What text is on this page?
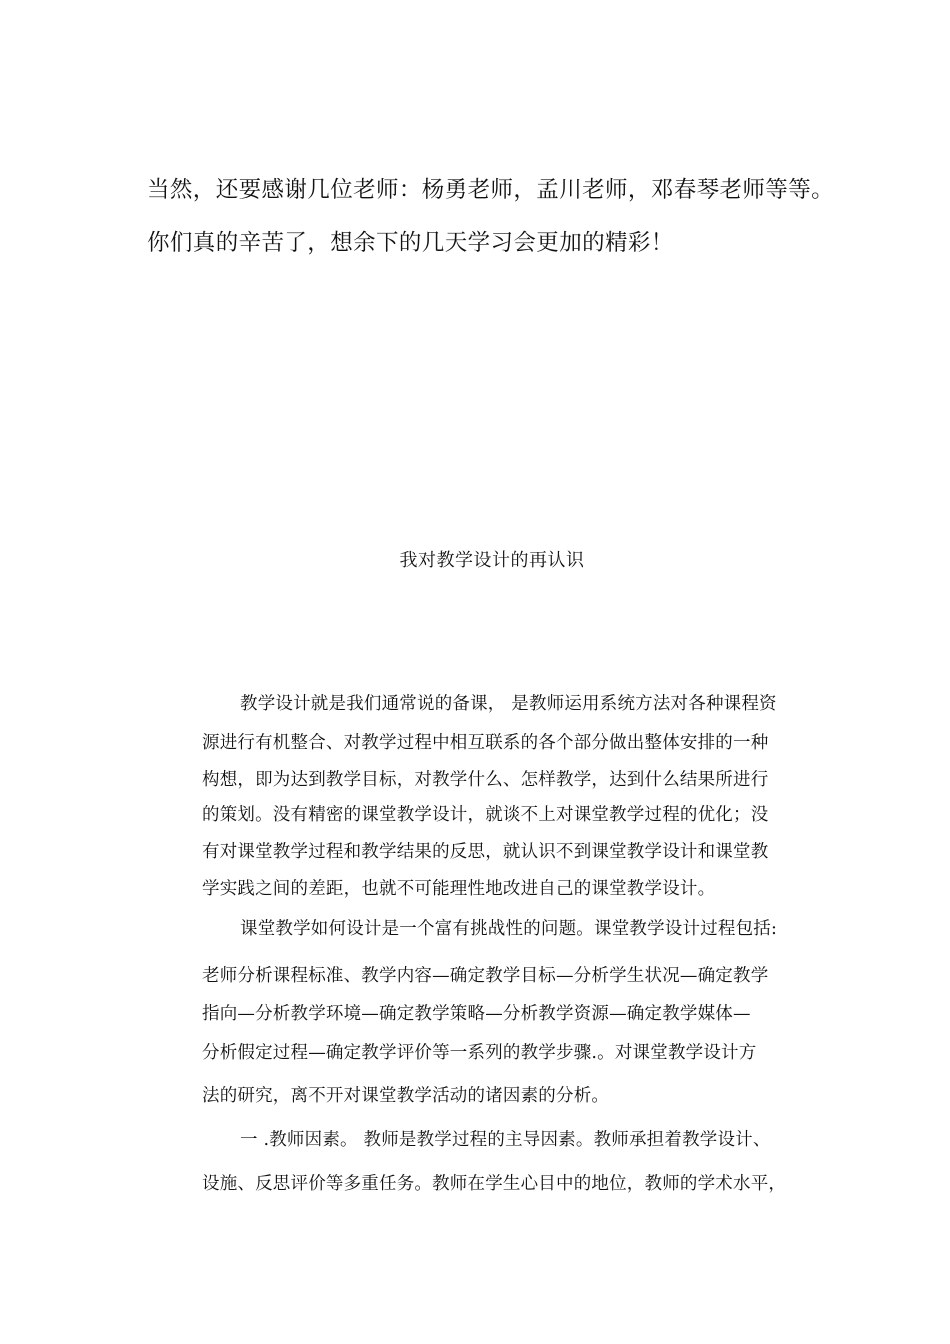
当然，还要感谢几位老师：杨勇老师，孟川老师，邓春琴老师等等。

你们真的辛苦了，想余下的几天学习会更加的精彩！

我对教学设计的再认识

教学设计就是我们通常说的备课， 是教师运用系统方法对各种课程资

源进行有机整合、对教学过程中相互联系的各个部分做出整体安排的一种

构想，即为达到教学目标，对教学什么、怎样教学，达到什么结果所进行

的策划。没有精密的课堂教学设计，就谈不上对课堂教学过程的优化；没

有对课堂教学过程和教学结果的反思，就认识不到课堂教学设计和课堂教

学实践之间的差距，也就不可能理性地改进自己的课堂教学设计。

课堂教学如何设计是一个富有挑战性的问题。课堂教学设计过程包括:

老师分析课程标准、教学内容—确定教学目标—分析学生状况—确定教学

指向—分析教学环境—确定教学策略—分析教学资源—确定教学媒体—

分析假定过程—确定教学评价等一系列的教学步骤.。对课堂教学设计方

法的研究，离不开对课堂教学活动的诸因素的分析。

一 .教师因素。 教师是教学过程的主导因素。教师承担着教学设计、

设施、反思评价等多重任务。教师在学生心目中的地位，教师的学术水平，
